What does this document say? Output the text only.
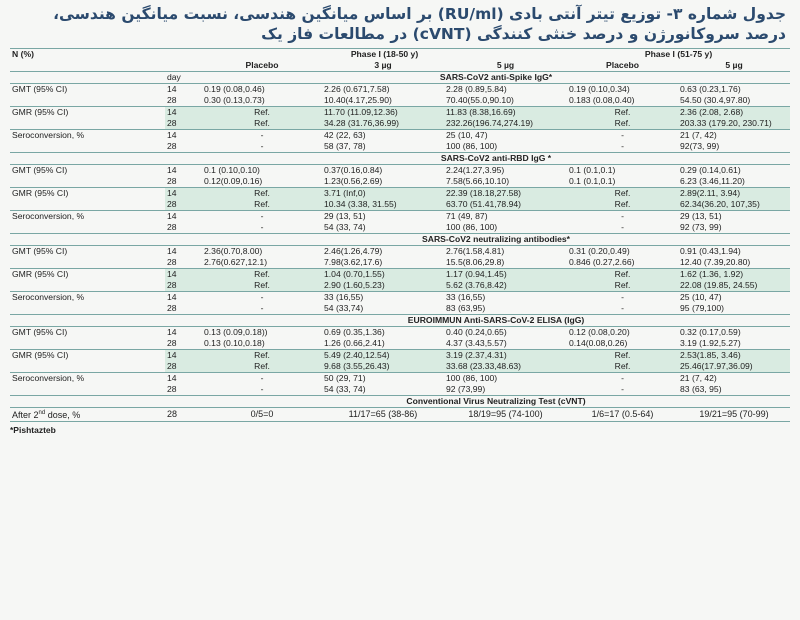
جدول شماره ۳- توزیع تیتر آنتی بادی (RU/ml) بر اساس میانگین هندسی، نسبت میانگین هندسی،
درصد سروکانورژن و درصد خنثی کنندگی (cVNT) در مطالعات فاز یک
N (%)		Phase I (18-50 y)			Phase I (51-75 y)	
		Placebo	3 µg	5 µg	Placebo	5 µg
	day	SARS-CoV2 anti-Spike IgG*				
GMT (95% CI)	14	0.19 (0.08,0.46)	2.26 (0.671,7.58)	2.28 (0.89,5.84)	0.19 (0.10,0.34)	0.63 (0.23,1.76)
	28	0.30 (0.13,0.73)	10.40(4.17,25.90)	70.40(55.0,90.10)	0.183 (0.08,0.40)	54.50 (30.4,97.80)
GMR (95% CI)	14	Ref.	11.70 (11.09,12.36)	11.83 (8.38,16.69)	Ref.	2.36 (2.08, 2.68)
	28	Ref.	34.28 (31.76,36.99)	232.26(196.74,274.19)	Ref.	203.33 (179.20, 230.71)
Seroconversion, %	14	-	42 (22, 63)	25 (10, 47)	-	21 (7, 42)
	28	-	58 (37, 78)	100 (86, 100)	-	92(73, 99)
		SARS-CoV2 anti-RBD IgG *				
GMT (95% CI)	14	0.1 (0.10,0.10)	0.37(0.16,0.84)	2.24(1.27,3.95)	0.1 (0.1,0.1)	0.29 (0.14,0.61)
	28	0.12(0.09,0.16)	1.23(0.56,2.69)	7.58(5.66,10.10)	0.1 (0.1,0.1)	6.23 (3.46,11.20)
GMR (95% CI)	14	Ref.	3.71 (Inf,0)	22.39 (18.18,27.58)	Ref.	2.89(2.11, 3.94)
	28	Ref.	10.34 (3.38, 31.55)	63.70 (51.41,78.94)	Ref.	62.34(36.20, 107,35)
Seroconversion, %	14	-	29 (13, 51)	71 (49, 87)	-	29 (13, 51)
	28	-	54 (33, 74)	100 (86, 100)	-	92 (73, 99)
		SARS-CoV2 neutralizing antibodies*				
GMT (95% CI)	14	2.36(0.70,8.00)	2.46(1.26,4.79)	2.76(1.58,4.81)	0.31 (0.20,0.49)	0.91 (0.43,1.94)
	28	2.76(0.627,12.1)	7.98(3.62,17.6)	15.5(8.06,29.8)	0.846 (0.27,2.66)	12.40 (7.39,20.80)
GMR (95% CI)	14	Ref.	1.04 (0.70,1.55)	1.17 (0.94,1.45)	Ref.	1.62 (1.36, 1.92)
	28	Ref.	2.90 (1.60,5.23)	5.62 (3.76,8.42)	Ref.	22.08 (19.85, 24.55)
Seroconversion, %	14	-	33 (16,55)	33 (16,55)	-	25 (10, 47)
	28	-	54 (33,74)	83 (63,95)	-	95 (79,100)
		EUROIMMUN Anti-SARS-CoV-2 ELISA (IgG)				
GMT (95% CI)	14	0.13 (0.09,0.18))	0.69 (0.35,1.36)	0.40 (0.24,0.65)	0.12 (0.08,0.20)	0.32 (0.17,0.59)
	28	0.13 (0.10,0.18)	1.26 (0.66,2.41)	4.37 (3.43,5.57)	0.14(0.08,0.26)	3.19 (1.92,5.27)
GMR (95% CI)	14	Ref.	5.49 (2.40,12.54)	3.19 (2.37,4.31)	Ref.	2.53(1.85, 3.46)
	28	Ref.	9.68 (3.55,26.43)	33.68 (23.33,48.63)	Ref.	25.46(17.97,36.09)
Seroconversion, %	14	-	50 (29, 71)	100 (86, 100)	-	21 (7, 42)
	28	-	54 (33, 74)	92 (73,99)	-	83 (63, 95)
		Conventional Virus Neutralizing Test (cVNT)				
After 2nd dose, %	28	0/5=0	11/17=65 (38-86)	18/19=95 (74-100)	1/6=17 (0.5-64)	19/21=95 (70-99)
*Pishtazteb
